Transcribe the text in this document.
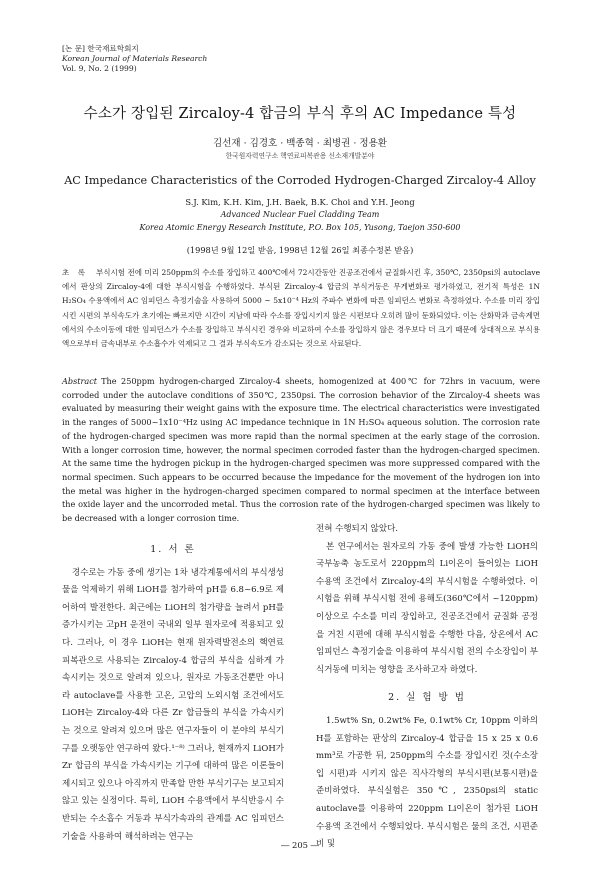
[논 문] 한국재료학회지
Korean Journal of Materials Research
Vol. 9, No. 2 (1999)
수소가 장입된 Zircaloy-4 합금의 부식 후의 AC Impedance 특성
김선재 · 김경호 · 백종혁 · 최병권 · 정용환
한국원자력연구소 핵연료피복관용 신소재개발분야
AC Impedance Characteristics of the Corroded Hydrogen-Charged Zircaloy-4 Alloy
S.J. Kim, K.H. Kim, J.H. Baek, B.K. Choi and Y.H. Jeong
Advanced Nuclear Fuel Cladding Team
Korea Atomic Energy Research Institute, P.O. Box 105, Yusong, Taejon 350-600
(1998년 9월 12일 받음, 1998년 12월 26일 최종수정본 받음)
초 록 부식시험 전에 미리 250ppm의 수소를 장입하고 400℃에서 72시간동안 진공조건에서 균질화시킨 후, 350℃, 2350psi의 autoclave에서 판상의 Zircaloy-4에 대한 부식시험을 수행하였다. 부식된 Zircaloy-4 합금의 부식거동은 무게변화로 평가하였고, 전기적 특성은 1N H₂SO₄ 수용액에서 AC 임피던스 측정기술을 사용하여 5000 ~ 5x10⁻⁴ Hz의 주파수 변화에 따른 임피던스 변화로 측정하였다. 수소를 미리 장입시킨 시편의 부식속도가 초기에는 빠르지만 시간이 지남에 따라 수소를 장입시키지 않은 시편보다 오히려 많이 둔화되었다. 이는 산화막과 금속계면에서의 수소이동에 대한 임피던스가 수소를 장입하고 부식시킨 경우와 비교하여 수소를 장입하지 않은 경우보다 더 크기 때문에 상대적으로 부식용액으로부터 금속내부로 수소흡수가 억제되고 그 결과 부식속도가 감소되는 것으로 사료된다.
Abstract The 250ppm hydrogen-charged Zircaloy-4 sheets, homogenized at 400℃ for 72hrs in vacuum, were corroded under the autoclave conditions of 350℃, 2350psi. The corrosion behavior of the Zircaloy-4 sheets was evaluated by measuring their weight gains with the exposure time. The electrical characteristics were investigated in the ranges of 5000~1x10⁻⁴Hz using AC impedance technique in 1N H₂SO₄ aqueous solution. The corrosion rate of the hydrogen-charged specimen was more rapid than the normal specimen at the early stage of the corrosion. With a longer corrosion time, however, the normal specimen corroded faster than the hydrogen-charged specimen. At the same time the hydrogen pickup in the hydrogen-charged specimen was more suppressed compared with the normal specimen. Such appears to be occurred because the impedance for the movement of the hydrogen ion into the metal was higher in the hydrogen-charged specimen compared to normal specimen at the interface between the oxide layer and the uncorroded metal. Thus the corrosion rate of the hydrogen-charged specimen was likely to be decreased with a longer corrosion time.
1. 서 론

경수로는 가동 중에 생기는 1차 냉각계통에서의 부식생성물을 억제하기 위해 LiOH를 첨가하여 pH를 6.8~6.9로 제어하여 발전한다. 최근에는 LiOH의 첨가량을 늘려서 pH를 증가시키는 고pH 운전이 국내외 일부 원자로에 적용되고 있다. 그러나, 이 경우 LiOH는 현재 원자력발전소의 핵연료 피복관으로 사용되는 Zircaloy-4 합금의 부식을 심하게 가속시키는 것으로 알려져 있으나, 원자로 가동조건뿐만 아니라 autoclave를 사용한 고온, 고압의 노외시험 조건에서도 LiOH는 Zircaloy-4와 다른 Zr 합금들의 부식을 가속시키는 것으로 알려져 있으며 많은 연구자들이 이 분야의 부식기구를 오랫동안 연구하여 왔다.¹⁻⁸⁾ 그러나, 현재까지 LiOH가 Zr 합금의 부식을 가속시키는 기구에 대하여 많은 이론들이 제시되고 있으나 아직까지 만족할 만한 부식기구는 보고되지 않고 있는 실정이다. 특히, LiOH 수용액에서 부식반응시 수반되는 수소흡수 거동과 부식가속과의 관계를 AC 임피던스 기술을 사용하여 해석하려는 연구는

전혀 수행되지 않았다.

본 연구에서는 원자로의 가동 중에 발생 가능한 LiOH의 국부농축 농도로서 220ppm의 Li이온이 들어있는 LiOH 수용액 조건에서 Zircaloy-4의 부식시험을 수행하였다. 이 시험을 위해 부식시험 전에 용해도(360℃에서 ~120ppm) 이상으로 수소를 미리 장입하고, 진공조건에서 균질화 공정을 거친 시편에 대해 부식시험을 수행한 다음, 상온에서 AC 임피던스 측정기술을 이용하여 부식시험 전의 수소장입이 부식거동에 미치는 영향을 조사하고자 하였다.

2. 실 험 방 법

1.5wt% Sn, 0.2wt% Fe, 0.1wt% Cr, 10ppm 이하의 H를 포함하는 판상의 Zircaloy-4 합금을 15 x 25 x 0.6 mm³로 가공한 뒤, 250ppm의 수소를 장입시킨 것(수소장입 시편)과 시키지 않은 직사각형의 부식시편(보통시편)을 준비하였다. 부식실험은 350℃, 2350psi의 static autoclave를 이용하여 220ppm Li이온이 첨가된 LiOH 수용액 조건에서 수행되었다. 부식시험은 물의 조건, 시편준비 및

― 205 ―
